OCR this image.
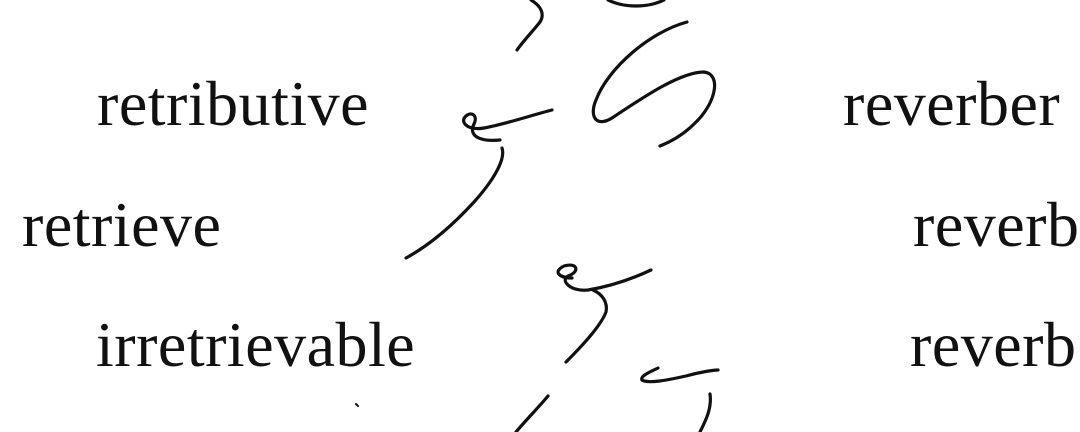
retributive

retrieve

irretrievable

reverber

reverb

reverb
